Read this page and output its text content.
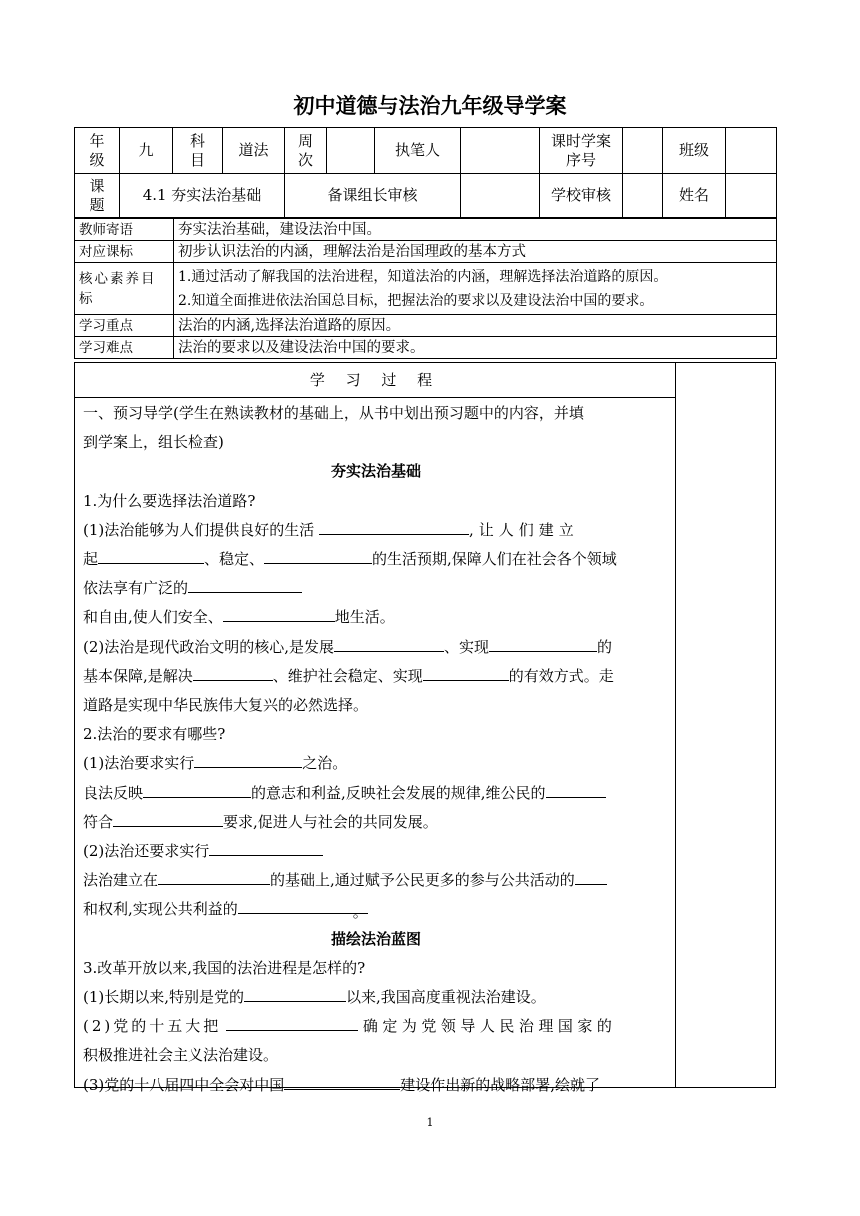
初中道德与法治九年级导学案
年级	九	科目	道法	周次		执笔人		课时学案序号		班级	
课题	4.1 夯实法治基础			备课组长审核				学校审核		姓名	
教师寄语	夯实法治基础，建设法治中国。
对应课标	初步认识法治的内涵，理解法治是治国理政的基本方式
核心素养目标	1.通过活动了解我国的法治进程，知道法治的内涵，理解选择法治道路的原因。
2.知道全面推进依法治国总目标，把握法治的要求以及建设法治中国的要求。

学习重点	法治的内涵,选择法治道路的原因。
学习难点	法治的要求以及建设法治中国的要求。
学 习 过 程

一、预习导学(学生在熟读教材的基础上，从书中划出预习题中的内容，并填

到学案上，组长检查)

夯实法治基础

1.为什么要选择法治道路?

(1)法治能够为人们提供良好的生活	,让人们建立

起	、稳定、	的生活预期,保障人们在社会各个领域

依法享有广泛的

和自由,使人们安全、	地生活。

(2)法治是现代政治文明的核心,是发展	、实现	的

基本保障,是解决	、维护社会稳定、实现	的有效方式。走

道路是实现中华民族伟大复兴的必然选择。

2.法治的要求有哪些?

(1)法治要求实行	之治。

良法反映	的意志和利益,反映社会发展的规律,维公民的

符合	要求,促进人与社会的共同发展。

(2)法治还要求实行

法治建立在	的基础上,通过赋予公民更多的参与公共活动的

和权利,实现公共利益的	。

描绘法治蓝图

3.改革开放以来,我国的法治进程是怎样的?

(1)长期以来,特别是党的	以来,我国高度重视法治建设。

(2)党的十五大把	确定为党领导人民治理国家的

积极推进社会主义法治建设。

(3)党的十八届四中全会对中国	建设作出新的战略部署,绘就了

1
